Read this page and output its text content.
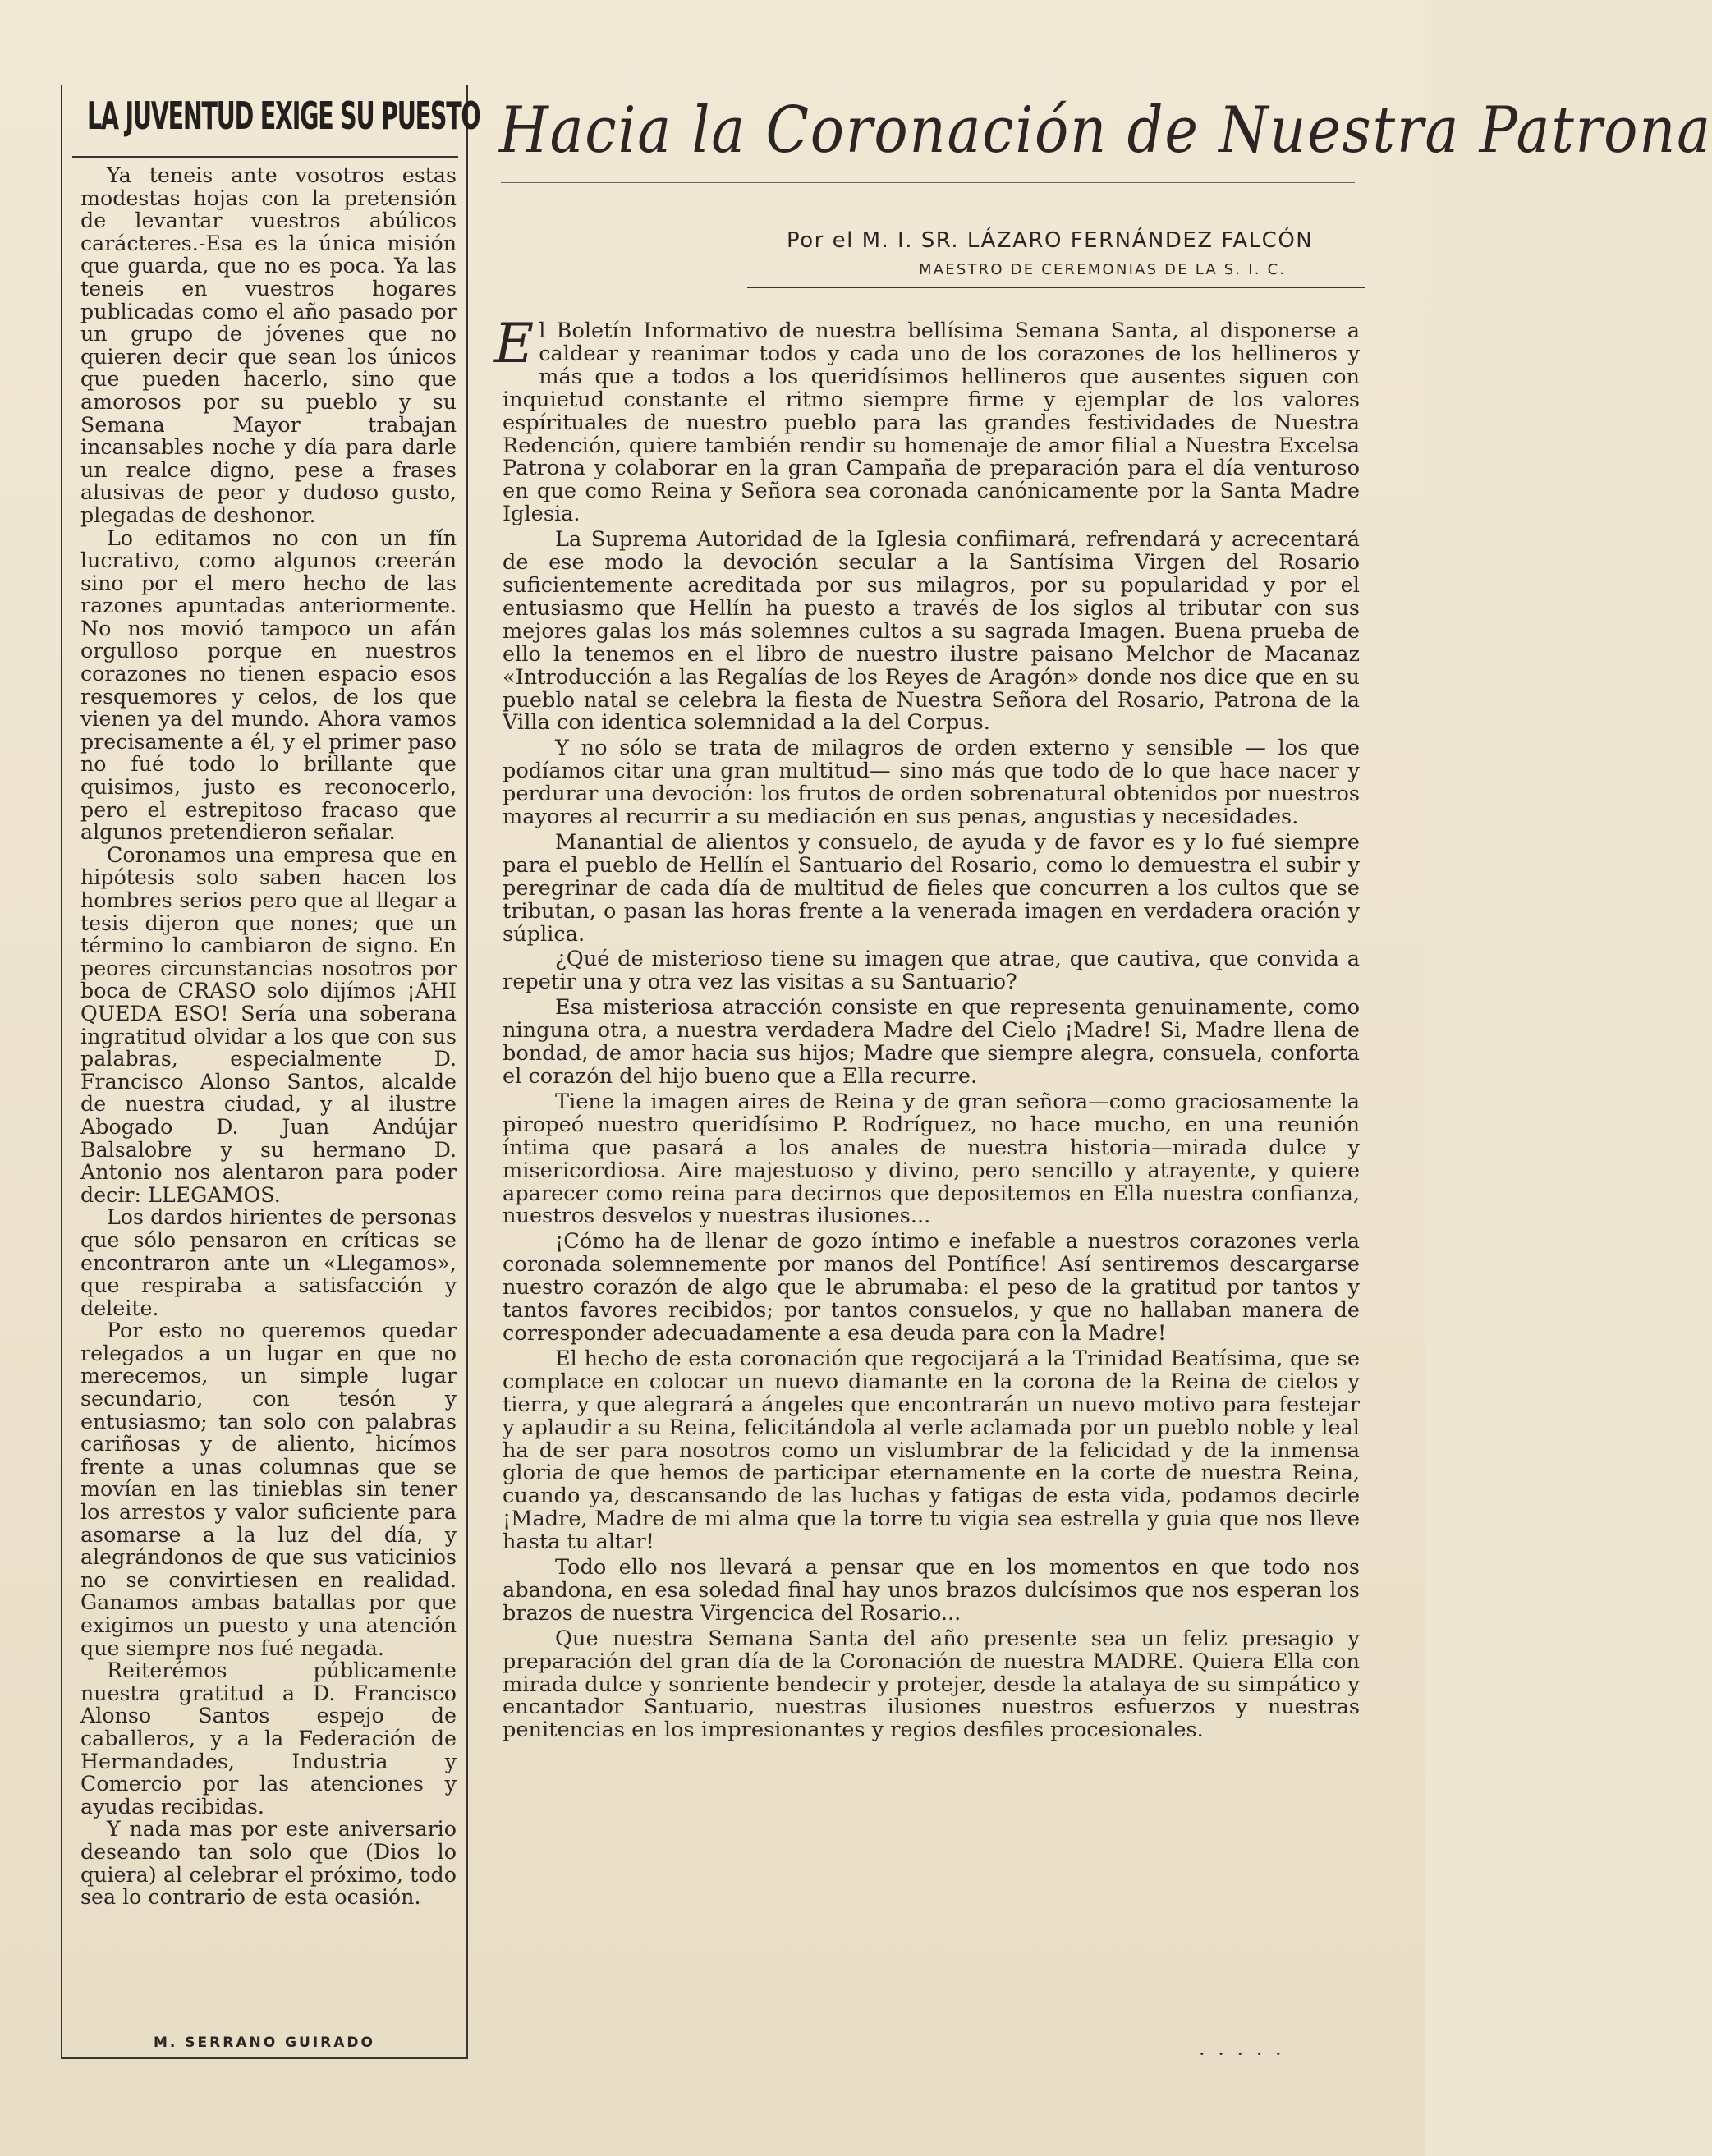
LA JUVENTUD EXIGE SU PUESTO

Ya teneis ante vosotros estas modestas hojas con la pretensión de levantar vuestros abúlicos carácteres.-Esa es la única misión que guarda, que no es poca. Ya las teneis en vuestros hogares publicadas como el año pasado por un grupo de jóvenes que no quieren decir que sean los únicos que pueden hacerlo, sino que amorosos por su pueblo y su Semana Mayor trabajan incansables noche y día para darle un realce digno, pese a frases alusivas de peor y dudoso gusto, plegadas de deshonor.

Lo editamos no con un fín lucrativo, como algunos creerán sino por el mero hecho de las razones apuntadas anteriormente. No nos movió tampoco un afán orgulloso porque en nuestros corazones no tienen espacio esos resquemores y celos, de los que vienen ya del mundo. Ahora vamos precisamente a él, y el primer paso no fué todo lo brillante que quisimos, justo es reconocerlo, pero el estrepitoso fracaso que algunos pretendieron señalar.

Coronamos una empresa que en hipótesis solo saben hacen los hombres serios pero que al llegar a tesis dijeron que nones; que un término lo cambiaron de signo. En peores circunstancias nosotros por boca de CRASO solo dijímos ¡AHI QUEDA ESO! Sería una soberana ingratitud olvidar a los que con sus palabras, especialmente D. Francisco Alonso Santos, alcalde de nuestra ciudad, y al ilustre Abogado D. Juan Andújar Balsalobre y su hermano D. Antonio nos alentaron para poder decir: LLEGAMOS.

Los dardos hirientes de personas que sólo pensaron en críticas se encontraron ante un «Llegamos», que respiraba a satisfacción y deleite.

Por esto no queremos quedar relegados a un lugar en que no merecemos, un simple lugar secundario, con tesón y entusiasmo; tan solo con palabras cariñosas y de aliento, hicímos frente a unas columnas que se movían en las tinieblas sin tener los arrestos y valor suficiente para asomarse a la luz del día, y alegrándonos de que sus vaticinios no se convirtiesen en realidad. Ganamos ambas batallas por que exigimos un puesto y una atención que siempre nos fué negada.

Reiterémos públicamente nuestra gratitud a D. Francisco Alonso Santos espejo de caballeros, y a la Federación de Hermandades, Industria y Comercio por las atenciones y ayudas recibidas.

Y nada mas por este aniversario deseando tan solo que (Dios lo quiera) al celebrar el próximo, todo sea lo contrario de esta ocasión.

M. SERRANO GUIRADO
Hacia la Coronación de Nuestra Patrona
Por el M. I. SR. LÁZARO FERNÁNDEZ FALCÓN
MAESTRO DE CEREMONIAS DE LA S. I. C.

El Boletín Informativo de nuestra bellísima Semana Santa, al disponerse a caldear y reanimar todos y cada uno de los corazones de los hellineros y más que a todos a los queridísimos hellineros que ausentes siguen con inquietud constante el ritmo siempre firme y ejemplar de los valores espírituales de nuestro pueblo para las grandes festividades de Nuestra Redención, quiere también rendir su homenaje de amor filial a Nuestra Excelsa Patrona y colaborar en la gran Campaña de preparación para el día venturoso en que como Reina y Señora sea coronada canónicamente por la Santa Madre Iglesia.

La Suprema Autoridad de la Iglesia confiimará, refrendará y acrecentará de ese modo la devoción secular a la Santísima Virgen del Rosario suficientemente acreditada por sus milagros, por su popularidad y por el entusiasmo que Hellín ha puesto a través de los siglos al tributar con sus mejores galas los más solemnes cultos a su sagrada Imagen. Buena prueba de ello la tenemos en el libro de nuestro ilustre paisano Melchor de Macanaz «Introducción a las Regalías de los Reyes de Aragón» donde nos dice que en su pueblo natal se celebra la fiesta de Nuestra Señora del Rosario, Patrona de la Villa con identica solemnidad a la del Corpus.

Y no sólo se trata de milagros de orden externo y sensible — los que podíamos citar una gran multitud— sino más que todo de lo que hace nacer y perdurar una devoción: los frutos de orden sobrenatural obtenidos por nuestros mayores al recurrir a su mediación en sus penas, angustias y necesidades.

Manantial de alientos y consuelo, de ayuda y de favor es y lo fué siempre para el pueblo de Hellín el Santuario del Rosario, como lo demuestra el subir y peregrinar de cada día de multitud de fieles que concurren a los cultos que se tributan, o pasan las horas frente a la venerada imagen en verdadera oración y súplica.

¿Qué de misterioso tiene su imagen que atrae, que cautiva, que convida a repetir una y otra vez las visitas a su Santuario?

Esa misteriosa atracción consiste en que representa genuinamente, como ninguna otra, a nuestra verdadera Madre del Cielo ¡Madre! Si, Madre llena de bondad, de amor hacia sus hijos; Madre que siempre alegra, consuela, conforta el corazón del hijo bueno que a Ella recurre.

Tiene la imagen aires de Reina y de gran señora—como graciosamente la piropeó nuestro queridísimo P. Rodríguez, no hace mucho, en una reunión íntima que pasará a los anales de nuestra historia—mirada dulce y misericordiosa. Aire majestuoso y divino, pero sencillo y atrayente, y quiere aparecer como reina para decirnos que depositemos en Ella nuestra confianza, nuestros desvelos y nuestras ilusiones...

¡Cómo ha de llenar de gozo íntimo e inefable a nuestros corazones verla coronada solemnemente por manos del Pontífice! Así sentiremos descargarse nuestro corazón de algo que le abrumaba: el peso de la gratitud por tantos y tantos favores recibidos; por tantos consuelos, y que no hallaban manera de corresponder adecuadamente a esa deuda para con la Madre!

El hecho de esta coronación que regocijará a la Trinidad Beatísima, que se complace en colocar un nuevo diamante en la corona de la Reina de cielos y tierra, y que alegrará a ángeles que encontrarán un nuevo motivo para festejar y aplaudir a su Reina, felicitándola al verle aclamada por un pueblo noble y leal ha de ser para nosotros como un vislumbrar de la felicidad y de la inmensa gloria de que hemos de participar eternamente en la corte de nuestra Reina, cuando ya, descansando de las luchas y fatigas de esta vida, podamos decirle ¡Madre, Madre de mi alma que la torre tu vigia sea estrella y guia que nos lleve hasta tu altar!

Todo ello nos llevará a pensar que en los momentos en que todo nos abandona, en esa soledad final hay unos brazos dulcísimos que nos esperan los brazos de nuestra Virgencica del Rosario...

Que nuestra Semana Santa del año presente sea un feliz presagio y preparación del gran día de la Coronación de nuestra MADRE. Quiera Ella con mirada dulce y sonriente bendecir y protejer, desde la atalaya de su simpático y encantador Santuario, nuestras ilusiones nuestros esfuerzos y nuestras penitencias en los impresionantes y regios desfiles procesionales.

· · · · ·
